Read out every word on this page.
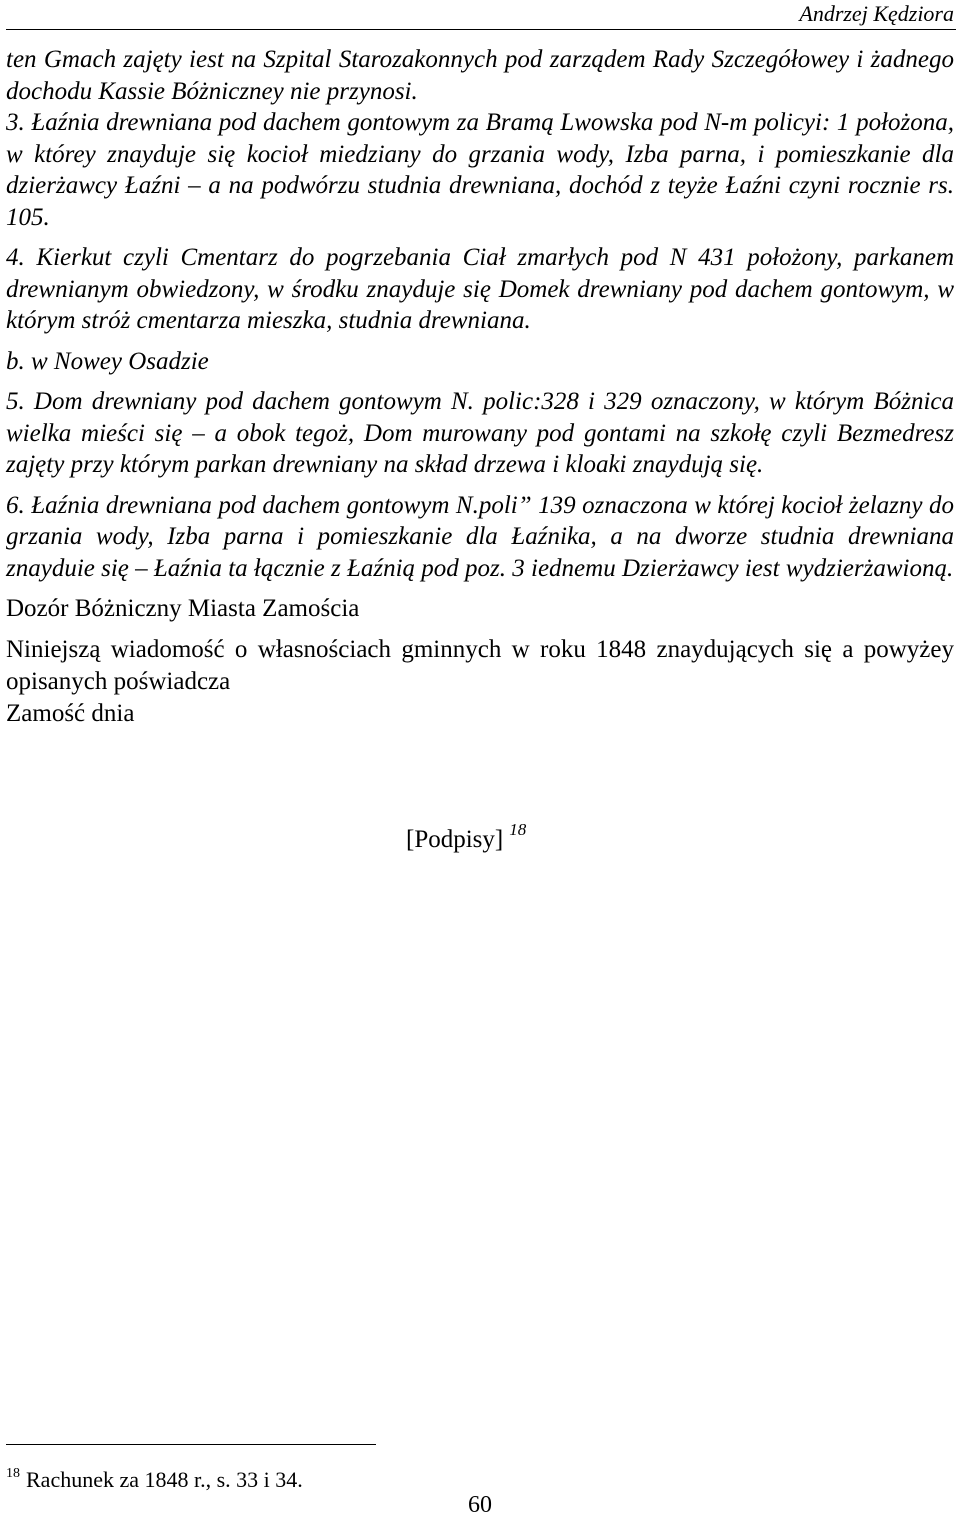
Andrzej Kędziora

ten Gmach zajęty iest na Szpital Starozakonnych pod zarządem Rady Szczegółowey i żadnego dochodu Kassie Bóżniczney nie przynosi.

3. Łaźnia drewniana pod dachem gontowym za Bramą Lwowska pod N-m policyi: 1 położona, w którey znayduje się kocioł miedziany do grzania wody, Izba parna, i pomieszkanie dla dzierżawcy Łaźni – a na podwórzu studnia drewniana, dochód z teyże Łaźni czyni rocznie rs. 105.

4. Kierkut czyli Cmentarz do pogrzebania Ciał zmarłych pod N 431 położony, parkanem drewnianym obwiedzony, w środku znayduje się Domek drewniany pod dachem gontowym, w którym stróż cmentarza mieszka, studnia drewniana.

b. w Nowey Osadzie

5. Dom drewniany pod dachem gontowym N. polic:328 i 329 oznaczony, w którym Bóżnica wielka mieści się – a obok tegoż, Dom murowany pod gontami na szkołę czyli Bezmedresz zajęty przy którym parkan drewniany na skład drzewa i kloaki znaydują się.

6. Łaźnia drewniana pod dachem gontowym N.poli” 139 oznaczona w której kocioł żelazny do grzania wody, Izba parna i pomieszkanie dla Łaźnika, a na dworze studnia drewniana znayduie się – Łaźnia ta łącznie z Łaźnią pod poz. 3 iednemu Dzierżawcy iest wydzierżawioną.

Dozór Bóżniczny Miasta Zamościa

Niniejszą wiadomość o własnościach gminnych w roku 1848 znaydujących się a powyżey opisanych poświadcza

Zamość dnia

[Podpisy] $^{18}$
$^{18}$ Rachunek za 1848 r., s. 33 i 34.
60
